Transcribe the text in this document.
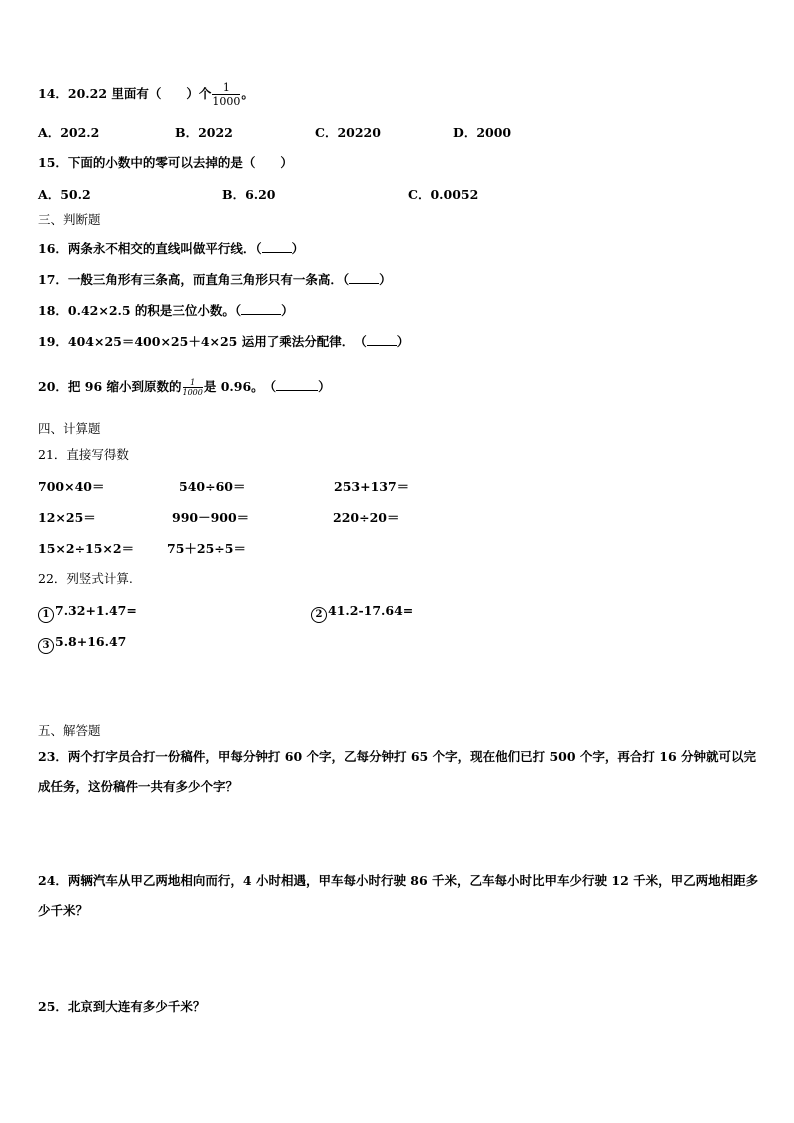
14．20.22 里面有（　　）个 $\frac{1}{1000}$ 。
A．202.2	B．2022	C．20220	D．2000
15．下面的小数中的零可以去掉的是（　　）
A．50.2	B．6.20	C．0.0052
三、判断题
16．两条永不相交的直线叫做平行线．（ ）
17．一般三角形有三条高，而直角三角形只有一条高．（ ）
18．0.42×2.5 的积是三位小数。（	）
19．404×25＝400×25＋4×25 运用了乘法分配律．　（ ）
20．把 96 缩小到原数的 $\frac{1}{1000}$ 是 0.96。　（	）
四、计算题
21．直接写得数
700×40＝	540÷60＝	253+137＝
12×25＝	990－900＝	220÷20＝
15×2÷15×2＝	75＋25÷5＝
22．列竖式计算.
1 7.32+1.47=	2 41.2-17.64=
3 5.8+16.47
五、解答题
23．两个打字员合打一份稿件，甲每分钟打 60 个字，乙每分钟打 65 个字，现在他们已打 500 个字，再合打 16 分钟就可以完成任务，这份稿件一共有多少个字？
24．两辆汽车从甲乙两地相向而行，4 小时相遇，甲车每小时行驶 86 千米，乙车每小时比甲车少行驶 12 千米，甲乙两地相距多少千米？
25．北京到大连有多少千米？
